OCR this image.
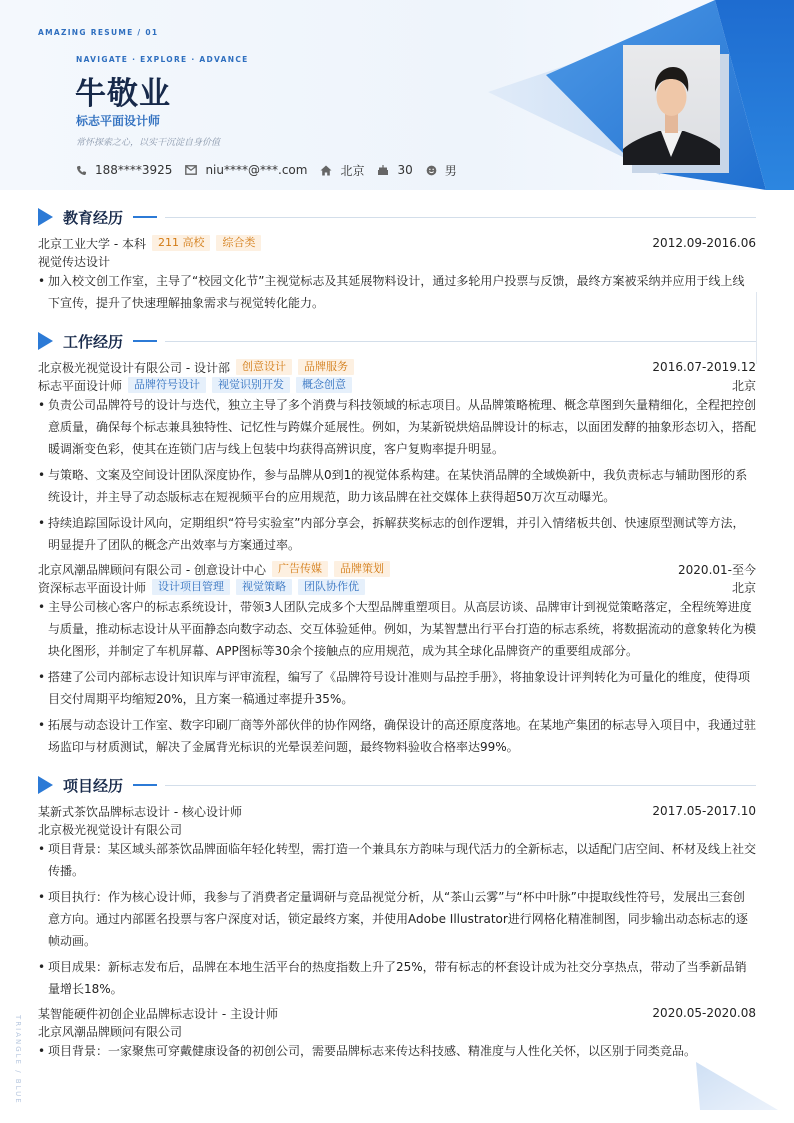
AMAZING RESUME / 01
NAVIGATE · EXPLORE · ADVANCE
牛敬业
标志平面设计师
常怀探索之心，以实干沉淀自身价值
188****3925	niu****@***.com	北京	30	男
教育经历
北京工业大学 - 本科	211 高校	综合类	2012.09-2016.06
视觉传达设计
• 加入校文创工作室，主导了“校园文化节”主视觉标志及其延展物料设计，通过多轮用户投票与反馈，最终方案被采纳并应用于线上线下宣传，提升了快速理解抽象需求与视觉转化能力。
工作经历
北京极光视觉设计有限公司 - 设计部	创意设计	品牌服务	2016.07-2019.12
标志平面设计师	品牌符号设计	视觉识别开发	概念创意	北京
• 负责公司品牌符号的设计与迭代，独立主导了多个消费与科技领域的标志项目。从品牌策略梳理、概念草图到矢量精细化，全程把控创意质量，确保每个标志兼具独特性、记忆性与跨媒介延展性。例如，为某新锐烘焙品牌设计的标志，以面团发酵的抽象形态切入，搭配暖调渐变色彩，使其在连锁门店与线上包装中均获得高辨识度，客户复购率提升明显。
• 与策略、文案及空间设计团队深度协作，参与品牌从0到1的视觉体系构建。在某快消品牌的全域焕新中，我负责标志与辅助图形的系统设计，并主导了动态版标志在短视频平台的应用规范，助力该品牌在社交媒体上获得超50万次互动曝光。
• 持续追踪国际设计风向，定期组织“符号实验室”内部分享会，拆解获奖标志的创作逻辑，并引入情绪板共创、快速原型测试等方法，明显提升了团队的概念产出效率与方案通过率。
北京风潮品牌顾问有限公司 - 创意设计中心	广告传媒	品牌策划	2020.01-至今
资深标志平面设计师	设计项目管理	视觉策略	团队协作优	北京
• 主导公司核心客户的标志系统设计，带领3人团队完成多个大型品牌重塑项目。从高层访谈、品牌审计到视觉策略落定，全程统筹进度与质量，推动标志设计从平面静态向数字动态、交互体验延伸。例如，为某智慧出行平台打造的标志系统，将数据流动的意象转化为模块化图形，并制定了车机屏幕、APP图标等30余个接触点的应用规范，成为其全球化品牌资产的重要组成部分。
• 搭建了公司内部标志设计知识库与评审流程，编写了《品牌符号设计准则与品控手册》，将抽象设计评判转化为可量化的维度，使得项目交付周期平均缩短20%，且方案一稿通过率提升35%。
• 拓展与动态设计工作室、数字印刷厂商等外部伙伴的协作网络，确保设计的高还原度落地。在某地产集团的标志导入项目中，我通过驻场监印与材质测试，解决了金属背光标识的光晕误差问题，最终物料验收合格率达99%。
项目经历
某新式茶饮品牌标志设计 - 核心设计师	2017.05-2017.10
北京极光视觉设计有限公司
• 项目背景：某区域头部茶饮品牌面临年轻化转型，需打造一个兼具东方韵味与现代活力的全新标志，以适配门店空间、杯材及线上社交传播。
• 项目执行：作为核心设计师，我参与了消费者定量调研与竞品视觉分析，从“茶山云雾”与“杯中叶脉”中提取线性符号，发展出三套创意方向。通过内部匿名投票与客户深度对话，锁定最终方案，并使用Adobe Illustrator进行网格化精准制图，同步输出动态标志的逐帧动画。
• 项目成果：新标志发布后，品牌在本地生活平台的热度指数上升了25%，带有标志的杯套设计成为社交分享热点，带动了当季新品销量增长18%。
某智能硬件初创企业品牌标志设计 - 主设计师	2020.05-2020.08
北京风潮品牌顾问有限公司
• 项目背景：一家聚焦可穿戴健康设备的初创公司，需要品牌标志来传达科技感、精准度与人性化关怀，以区别于同类竞品。
TRIANGLE / BLUE
